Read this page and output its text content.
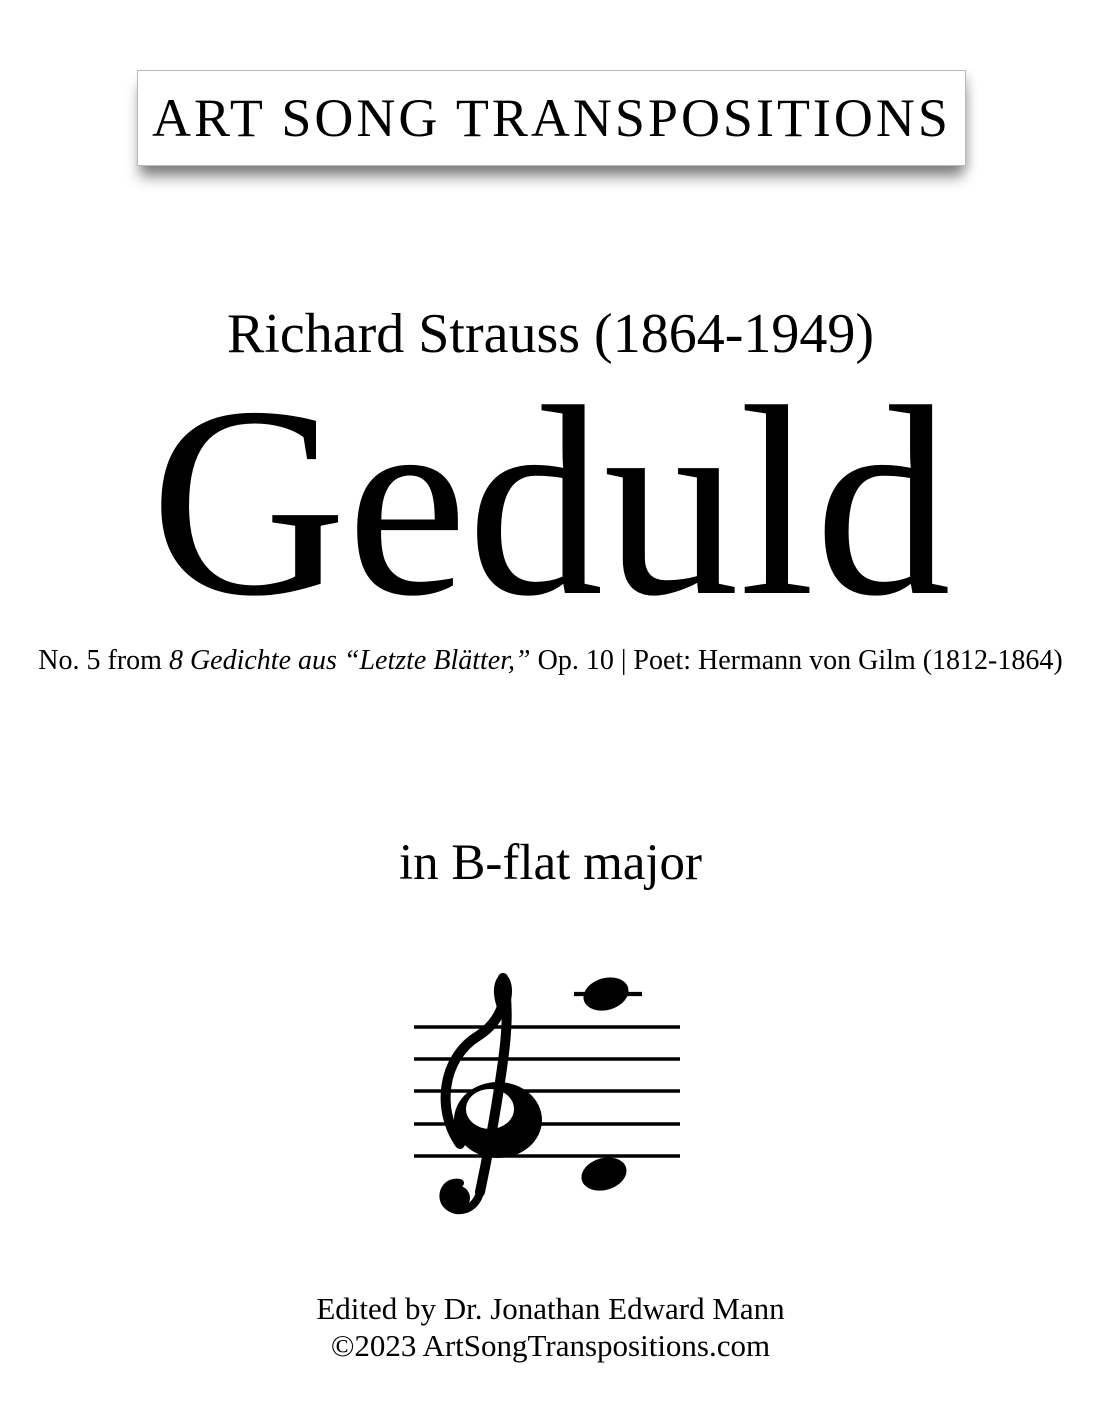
ART SONG TRANSPOSITIONS
Richard Strauss (1864-1949)
Geduld
No. 5 from 8 Gedichte aus “Letzte Blätter,” Op. 10 | Poet: Hermann von Gilm (1812-1864)
in B-flat major
Edited by Dr. Jonathan Edward Mann
©2023 ArtSongTranspositions.com
